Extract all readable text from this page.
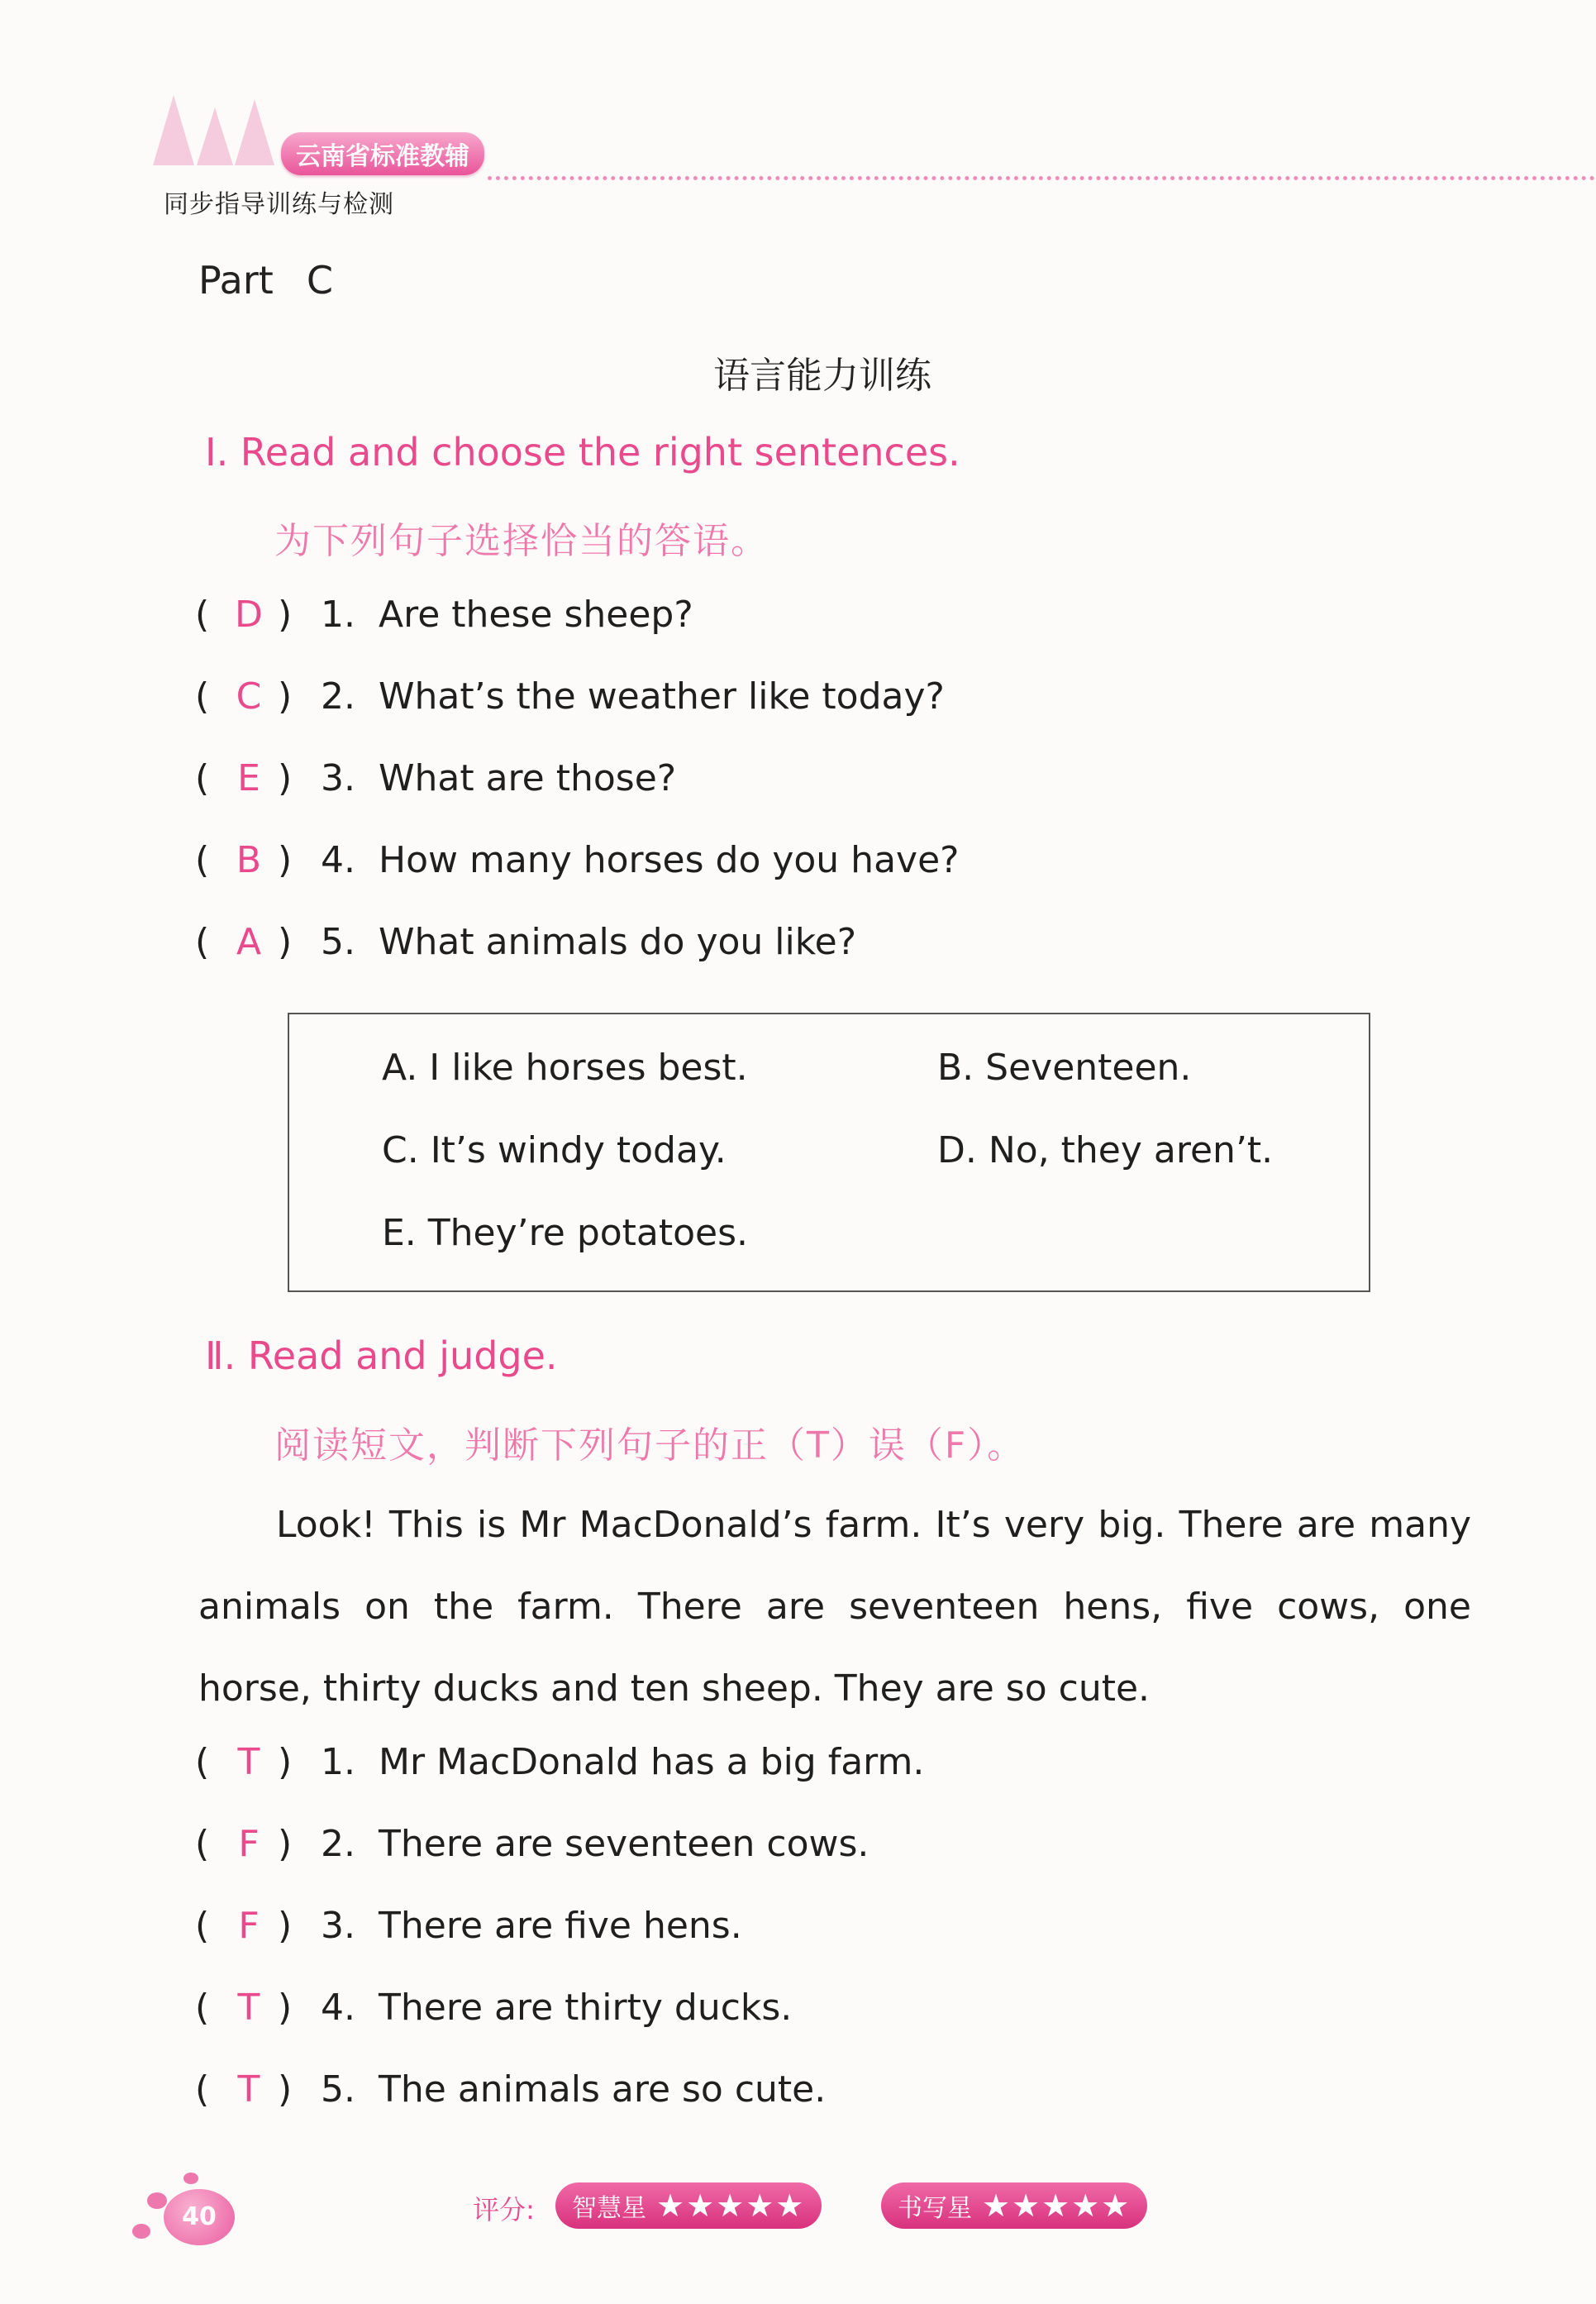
云南省标准教辅
同步指导训练与检测
Part C
语言能力训练
Ⅰ. Read and choose the right sentences.
为下列句子选择恰当的答语。
( D ) 1. Are these sheep?
( C ) 2. What’s the weather like today?
( E ) 3. What are those?
( B ) 4. How many horses do you have?
( A ) 5. What animals do you like?
A. I like horses best.	B. Seventeen.
C. It’s windy today.	D. No, they aren’t.
E. They’re potatoes.
Ⅱ. Read and judge.
阅读短文，判断下列句子的正（T）误（F）。
Look! This is Mr MacDonald’s farm. It’s very big. There are many animals on the farm. There are seventeen hens, five cows, one horse, thirty ducks and ten sheep. They are so cute.
( T ) 1. Mr MacDonald has a big farm.
( F ) 2. There are seventeen cows.
( F ) 3. There are five hens.
( T ) 4. There are thirty ducks.
( T ) 5. The animals are so cute.
40	评分: 智慧星 ★★★★★	书写星 ★★★★★
